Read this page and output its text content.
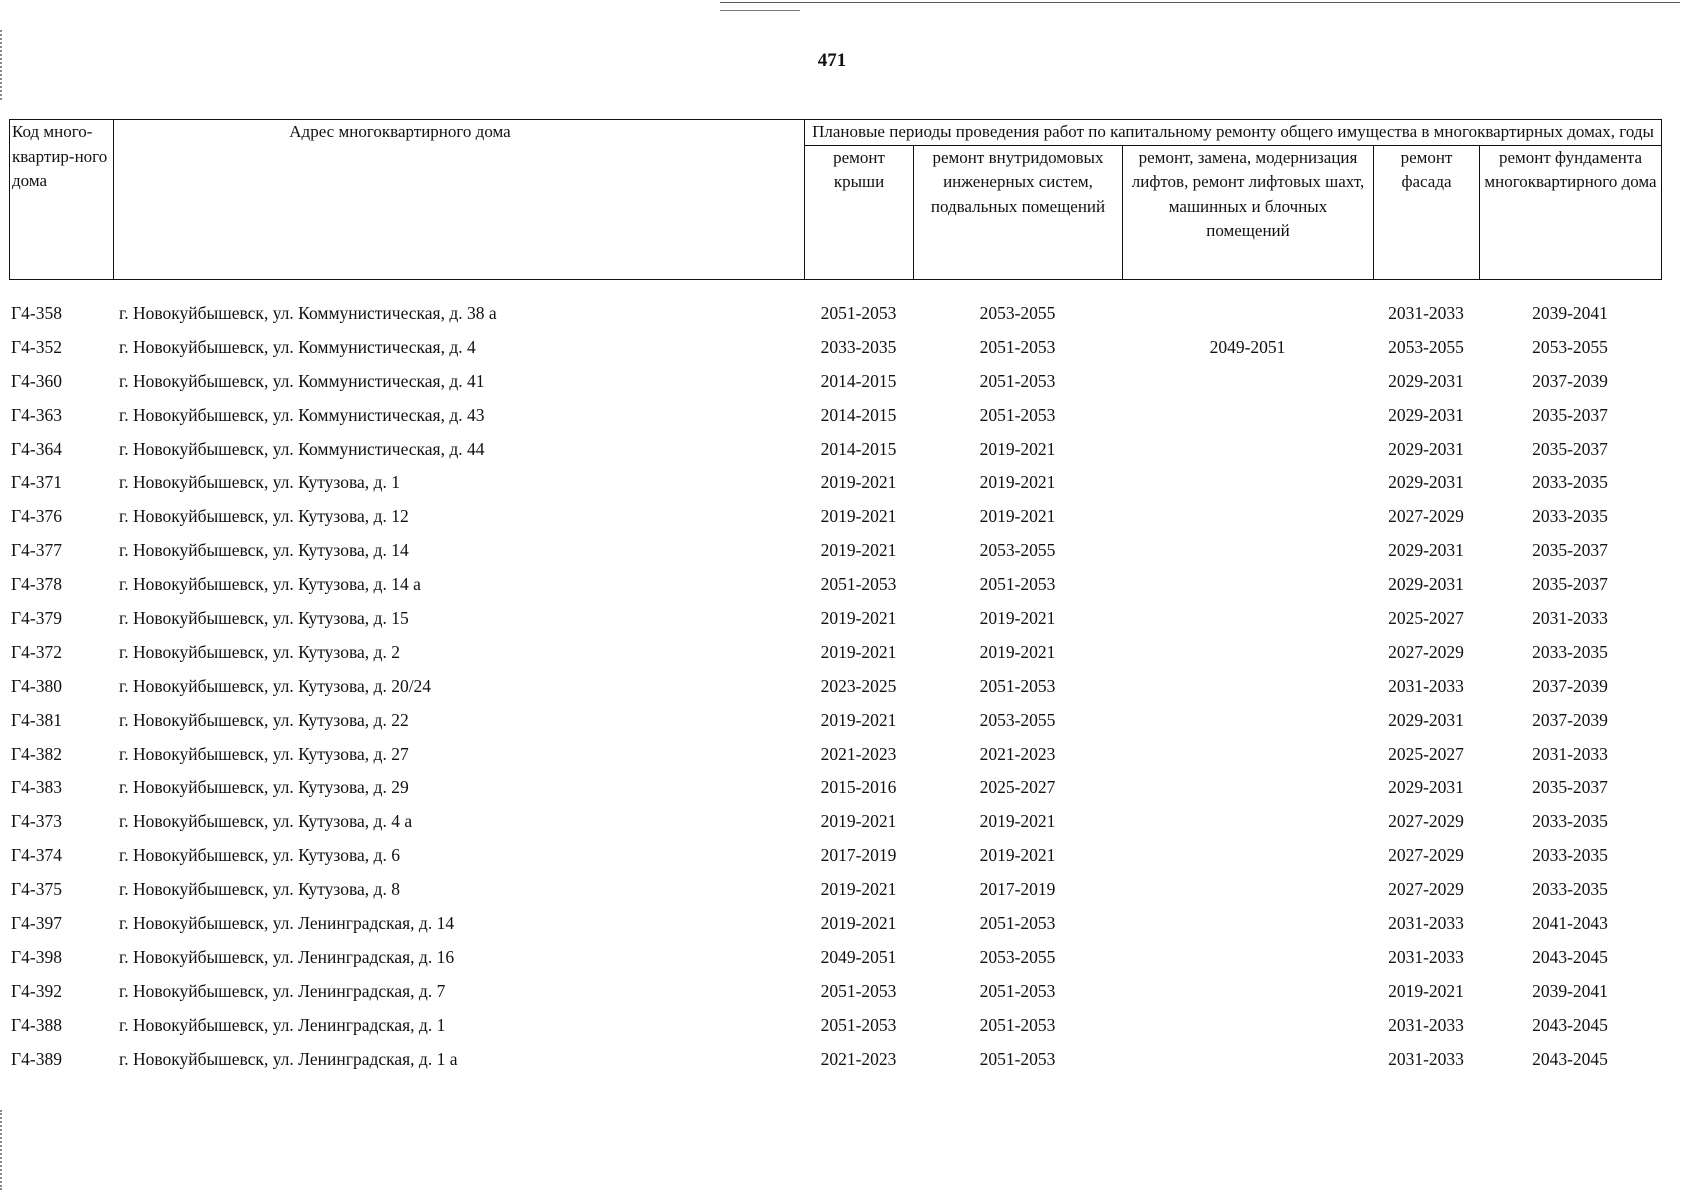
471
Код много-квартир-ного дома	Адрес многоквартирного дома	Плановые периоды проведения работ по капитальному ремонту общего имущества в многоквартирных домах, годы				
		ремонт крыши	ремонт внутридомовых инженерных систем, подвальных помещений	ремонт, замена, модернизация лифтов, ремонт лифтовых шахт, машинных и блочных помещений	ремонт фасада	ремонт фундамента многоквартирного дома
Г4-358	г. Новокуйбышевск, ул. Коммунистическая, д. 38 а	2051-2053	2053-2055		2031-2033	2039-2041
Г4-352	г. Новокуйбышевск, ул. Коммунистическая, д. 4	2033-2035	2051-2053	2049-2051	2053-2055	2053-2055
Г4-360	г. Новокуйбышевск, ул. Коммунистическая, д. 41	2014-2015	2051-2053		2029-2031	2037-2039
Г4-363	г. Новокуйбышевск, ул. Коммунистическая, д. 43	2014-2015	2051-2053		2029-2031	2035-2037
Г4-364	г. Новокуйбышевск, ул. Коммунистическая, д. 44	2014-2015	2019-2021		2029-2031	2035-2037
Г4-371	г. Новокуйбышевск, ул. Кутузова, д. 1	2019-2021	2019-2021		2029-2031	2033-2035
Г4-376	г. Новокуйбышевск, ул. Кутузова, д. 12	2019-2021	2019-2021		2027-2029	2033-2035
Г4-377	г. Новокуйбышевск, ул. Кутузова, д. 14	2019-2021	2053-2055		2029-2031	2035-2037
Г4-378	г. Новокуйбышевск, ул. Кутузова, д. 14 а	2051-2053	2051-2053		2029-2031	2035-2037
Г4-379	г. Новокуйбышевск, ул. Кутузова, д. 15	2019-2021	2019-2021		2025-2027	2031-2033
Г4-372	г. Новокуйбышевск, ул. Кутузова, д. 2	2019-2021	2019-2021		2027-2029	2033-2035
Г4-380	г. Новокуйбышевск, ул. Кутузова, д. 20/24	2023-2025	2051-2053		2031-2033	2037-2039
Г4-381	г. Новокуйбышевск, ул. Кутузова, д. 22	2019-2021	2053-2055		2029-2031	2037-2039
Г4-382	г. Новокуйбышевск, ул. Кутузова, д. 27	2021-2023	2021-2023		2025-2027	2031-2033
Г4-383	г. Новокуйбышевск, ул. Кутузова, д. 29	2015-2016	2025-2027		2029-2031	2035-2037
Г4-373	г. Новокуйбышевск, ул. Кутузова, д. 4 а	2019-2021	2019-2021		2027-2029	2033-2035
Г4-374	г. Новокуйбышевск, ул. Кутузова, д. 6	2017-2019	2019-2021		2027-2029	2033-2035
Г4-375	г. Новокуйбышевск, ул. Кутузова, д. 8	2019-2021	2017-2019		2027-2029	2033-2035
Г4-397	г. Новокуйбышевск, ул. Ленинградская, д. 14	2019-2021	2051-2053		2031-2033	2041-2043
Г4-398	г. Новокуйбышевск, ул. Ленинградская, д. 16	2049-2051	2053-2055		2031-2033	2043-2045
Г4-392	г. Новокуйбышевск, ул. Ленинградская, д. 7	2051-2053	2051-2053		2019-2021	2039-2041
Г4-388	г. Новокуйбышевск, ул. Ленинградская, д. 1	2051-2053	2051-2053		2031-2033	2043-2045
Г4-389	г. Новокуйбышевск, ул. Ленинградская, д. 1 а	2021-2023	2051-2053		2031-2033	2043-2045
